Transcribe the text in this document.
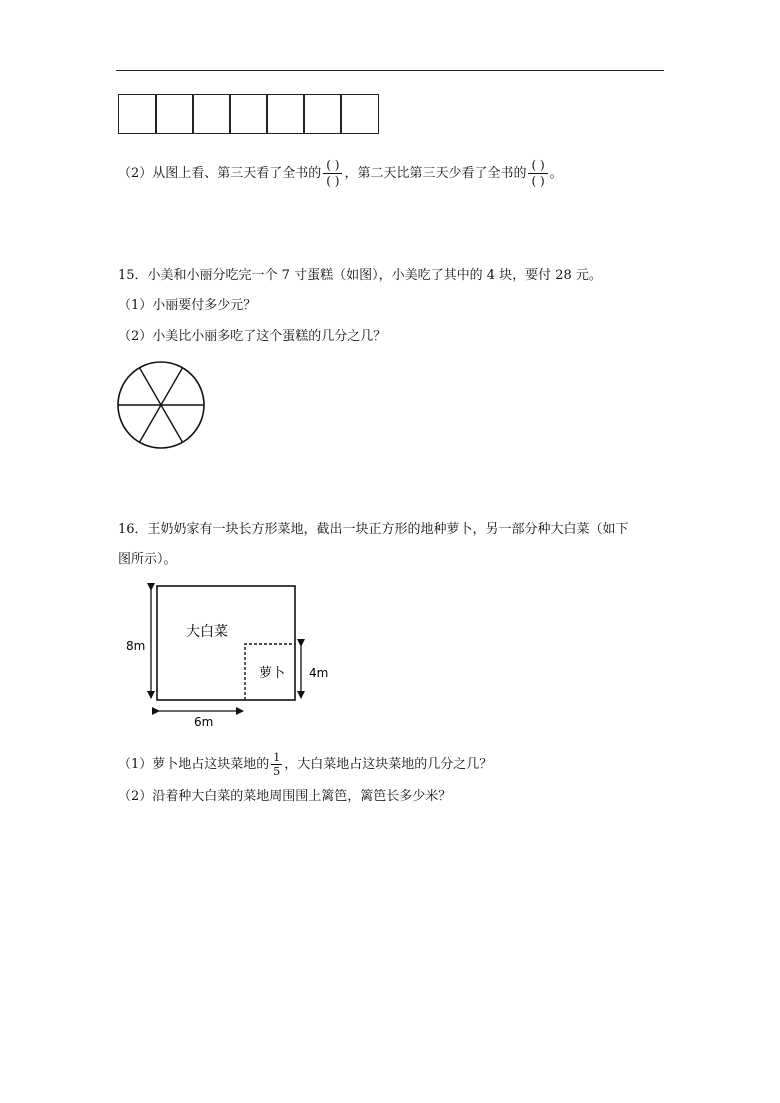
（2）从图上看、第三天看了全书的 $\frac{( )}{( )}$ ，第二天比第三天少看了全书的 $\frac{( )}{( )}$ 。
15．小美和小丽分吃完一个 7 寸蛋糕（如图），小美吃了其中的 4 块，要付 28 元。
（1）小丽要付多少元？
（2）小美比小丽多吃了这个蛋糕的几分之几？
16．王奶奶家有一块长方形菜地，截出一块正方形的地种萝卜，另一部分种大白菜（如下
图所示）。
大白菜
萝卜
8m
4m
6m
（1）萝卜地占这块菜地的 $\frac{1}{5}$ ，大白菜地占这块菜地的几分之几？
（2）沿着种大白菜的菜地周围围上篱笆，篱笆长多少米？
